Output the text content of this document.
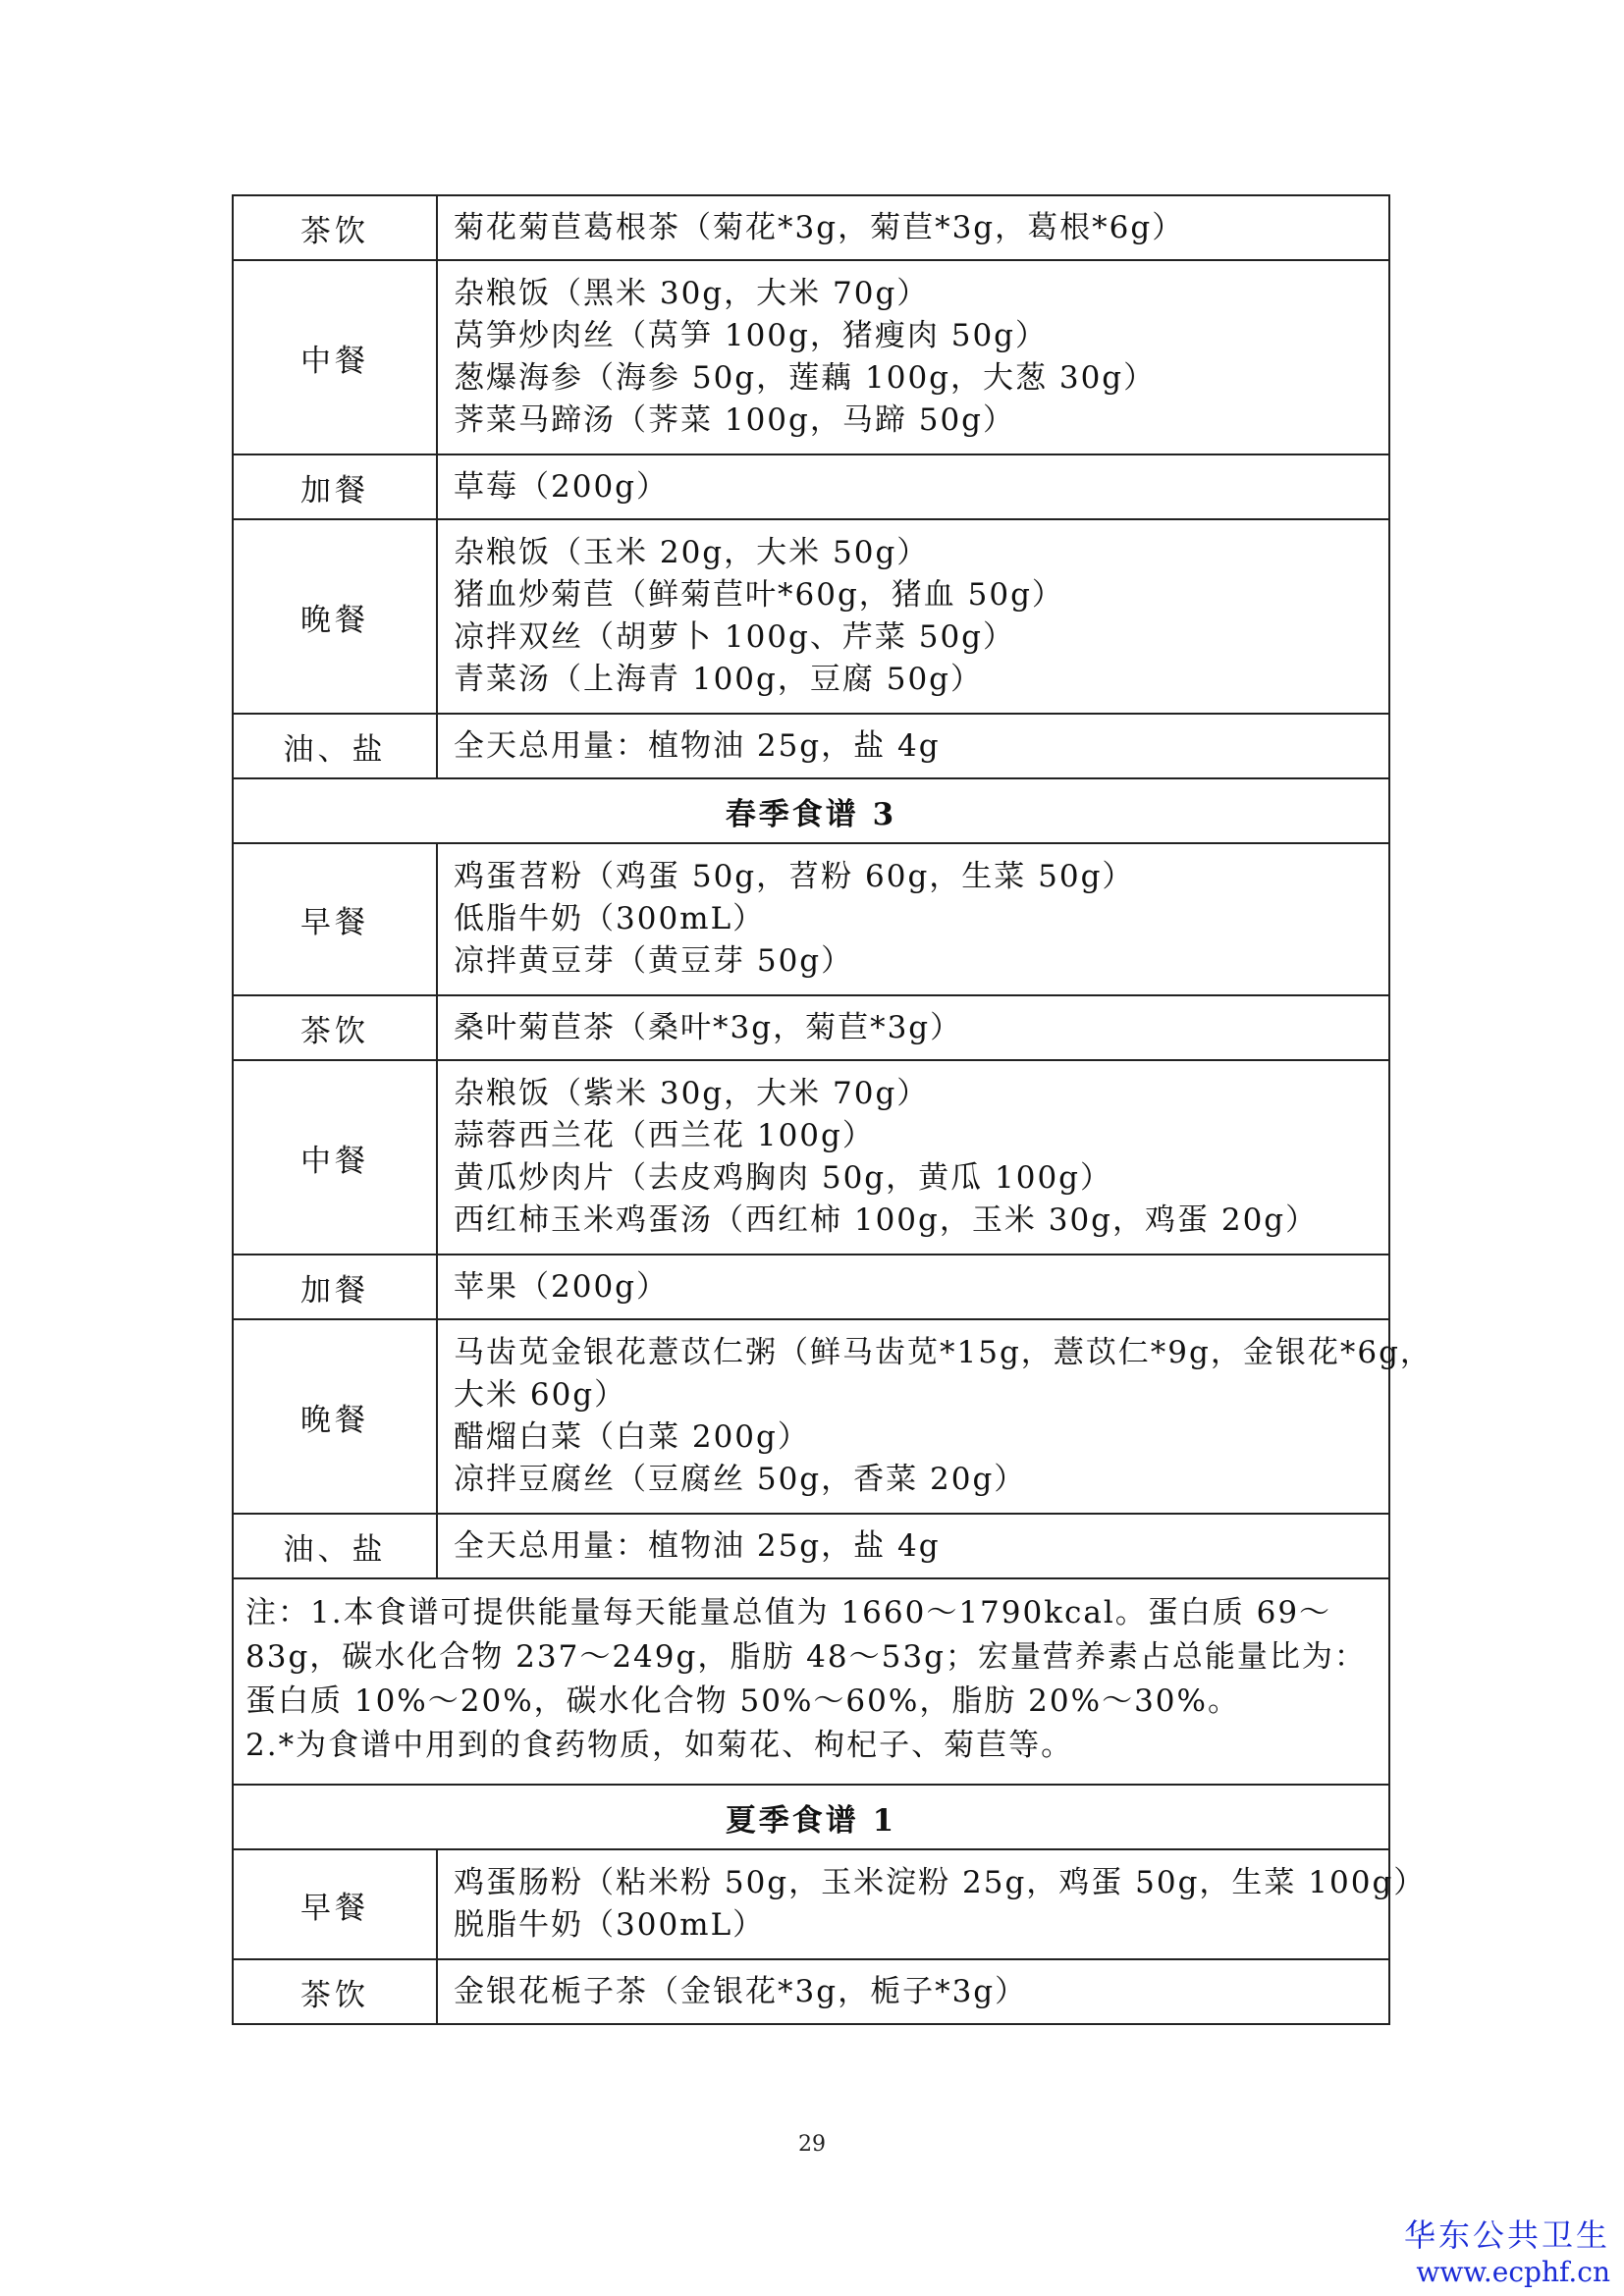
茶饮	菊花菊苣葛根茶（菊花*3g，菊苣*3g，葛根*6g）

中餐	杂粮饭（黑米 30g，大米 70g）
莴笋炒肉丝（莴笋 100g，猪瘦肉 50g）
葱爆海参（海参 50g，莲藕 100g，大葱 30g）
荠菜马蹄汤（荠菜 100g，马蹄 50g）

加餐	草莓（200g）

晚餐	杂粮饭（玉米 20g，大米 50g）
猪血炒菊苣（鲜菊苣叶*60g，猪血 50g）
凉拌双丝（胡萝卜 100g、芹菜 50g）
青菜汤（上海青 100g，豆腐 50g）

油、盐	全天总用量：植物油 25g，盐 4g

春季食谱 3	
早餐	鸡蛋苕粉（鸡蛋 50g，苕粉 60g，生菜 50g）
低脂牛奶（300mL）
凉拌黄豆芽（黄豆芽 50g）

茶饮	桑叶菊苣茶（桑叶*3g，菊苣*3g）

中餐	杂粮饭（紫米 30g，大米 70g）
蒜蓉西兰花（西兰花 100g）
黄瓜炒肉片（去皮鸡胸肉 50g，黄瓜 100g）
西红柿玉米鸡蛋汤（西红柿 100g，玉米 30g，鸡蛋 20g）

加餐	苹果（200g）

晚餐	马齿苋金银花薏苡仁粥（鲜马齿苋*15g，薏苡仁*9g，金银花*6g，
大米 60g）
醋熘白菜（白菜 200g）
凉拌豆腐丝（豆腐丝 50g，香菜 20g）

油、盐	全天总用量：植物油 25g，盐 4g

注：1.本食谱可提供能量每天能量总值为 1660～1790kcal。蛋白质 69～83g，碳水化合物 237～249g，脂肪 48～53g；宏量营养素占总能量比为：蛋白质 10%～20%，碳水化合物 50%～60%，脂肪 20%～30%。
2.*为食谱中用到的食药物质，如菊花、枸杞子、菊苣等。	

夏季食谱 1	
早餐	鸡蛋肠粉（粘米粉 50g，玉米淀粉 25g，鸡蛋 50g，生菜 100g）
脱脂牛奶（300mL）

茶饮	金银花栀子茶（金银花*3g，栀子*3g）
29
华东公共卫生
www.ecphf.cn
